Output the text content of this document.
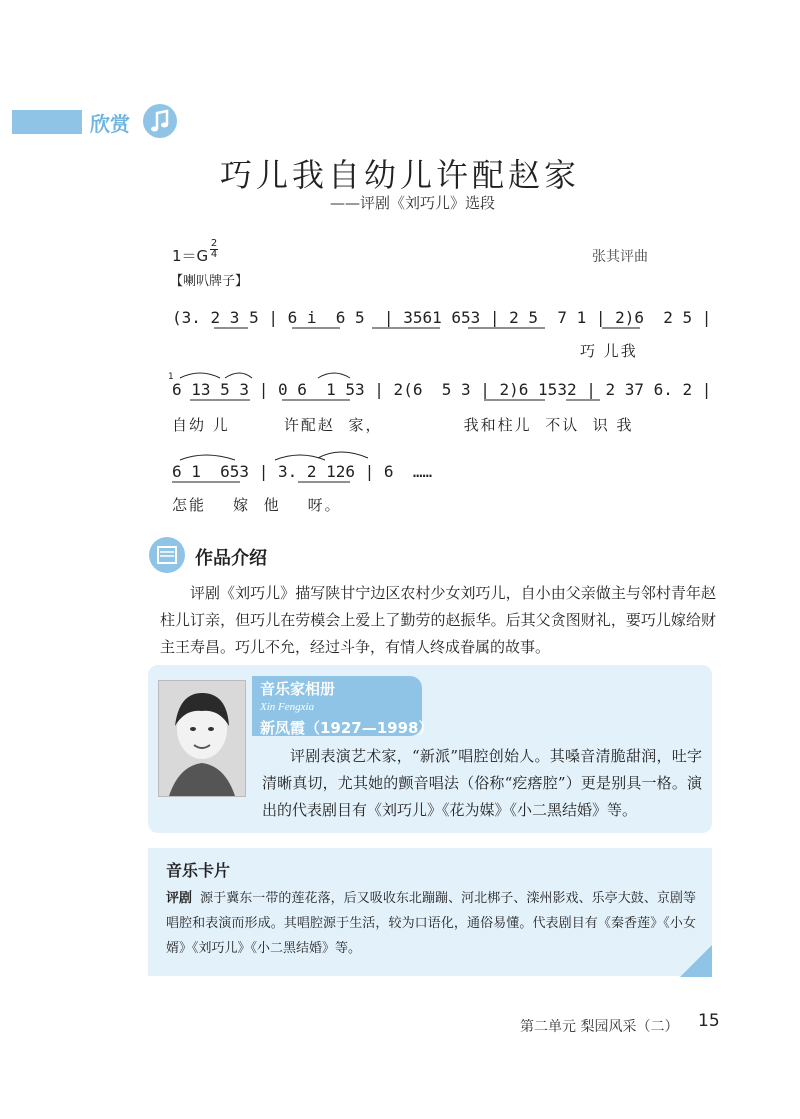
欣赏
巧儿我自幼儿许配赵家
——评剧《刘巧儿》选段
1＝G
2
4	张其评曲
【喇叭牌子】
(3. 2 3 5 | 6 i  6 5  | 3561 653 | 2 5  7 1 | 2)6  2 5 |
巧 儿我
1
6 13 5 3 | 0 6  1 53 | 2(6  5 3 | 2)6 1532 | 2 37 6. 2 |
自幼 儿        许配赵  家，            我和柱儿  不认  识 我
6 1  653 | 3. 2 126 | 6  ……
怎能    嫁  他    呀。
作品介绍
评剧《刘巧儿》描写陕甘宁边区农村少女刘巧儿，自小由父亲做主与邻村青年赵柱儿订亲，但巧儿在劳模会上爱上了勤劳的赵振华。后其父贪图财礼，要巧儿嫁给财主王寿昌。巧儿不允，经过斗争，有情人终成眷属的故事。
音乐家相册
Xin Fengxia
新凤霞（1927—1998）
评剧表演艺术家，“新派”唱腔创始人。其嗓音清脆甜润，吐字清晰真切，尤其她的颤音唱法（俗称“疙瘩腔”）更是别具一格。演出的代表剧目有《刘巧儿》《花为媒》《小二黑结婚》等。
音乐卡片
评剧 源于冀东一带的莲花落，后又吸收东北蹦蹦、河北梆子、滦州影戏、乐亭大鼓、京剧等唱腔和表演而形成。其唱腔源于生活，较为口语化，通俗易懂。代表剧目有《秦香莲》《小女婿》《刘巧儿》《小二黑结婚》等。
第二单元 梨园风采（二） 15
